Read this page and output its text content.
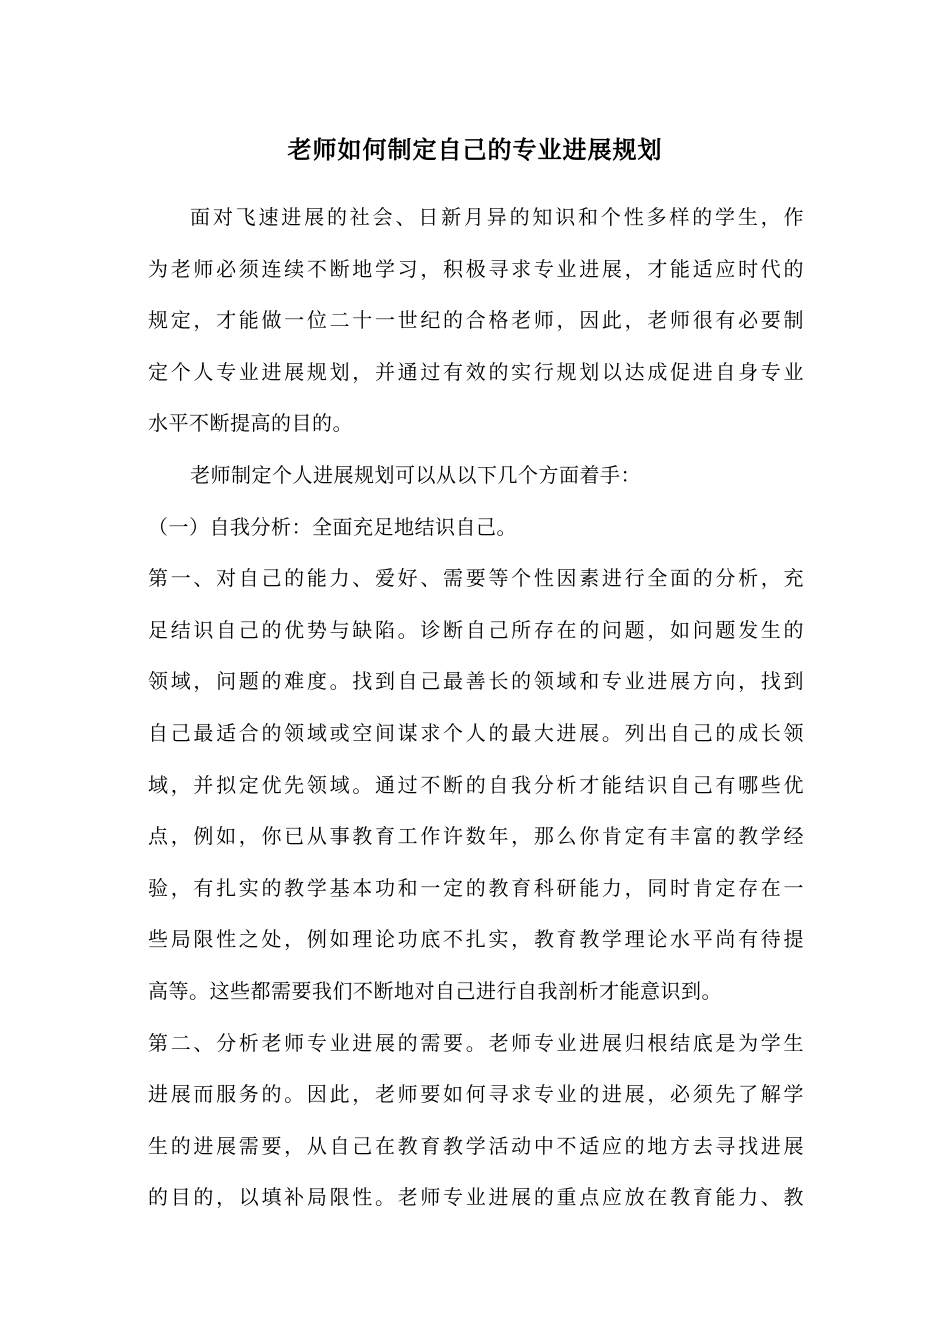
老师如何制定自己的专业进展规划
面对飞速进展的社会、日新月异的知识和个性多样的学生，作
为老师必须连续不断地学习，积极寻求专业进展，才能适应时代的
规定，才能做一位二十一世纪的合格老师，因此，老师很有必要制
定个人专业进展规划，并通过有效的实行规划以达成促进自身专业
水平不断提高的目的。
老师制定个人进展规划可以从以下几个方面着手：
（一）自我分析：全面充足地结识自己。
第一、对自己的能力、爱好、需要等个性因素进行全面的分析，充
足结识自己的优势与缺陷。诊断自己所存在的问题，如问题发生的
领域，问题的难度。找到自己最善长的领域和专业进展方向，找到
自己最适合的领域或空间谋求个人的最大进展。列出自己的成长领
域，并拟定优先领域。通过不断的自我分析才能结识自己有哪些优
点，例如，你已从事教育工作许数年，那么你肯定有丰富的教学经
验，有扎实的教学基本功和一定的教育科研能力，同时肯定存在一
些局限性之处，例如理论功底不扎实，教育教学理论水平尚有待提
高等。这些都需要我们不断地对自己进行自我剖析才能意识到。
第二、分析老师专业进展的需要。老师专业进展归根结底是为学生
进展而服务的。因此，老师要如何寻求专业的进展，必须先了解学
生的进展需要，从自己在教育教学活动中不适应的地方去寻找进展
的目的，以填补局限性。老师专业进展的重点应放在教育能力、教
